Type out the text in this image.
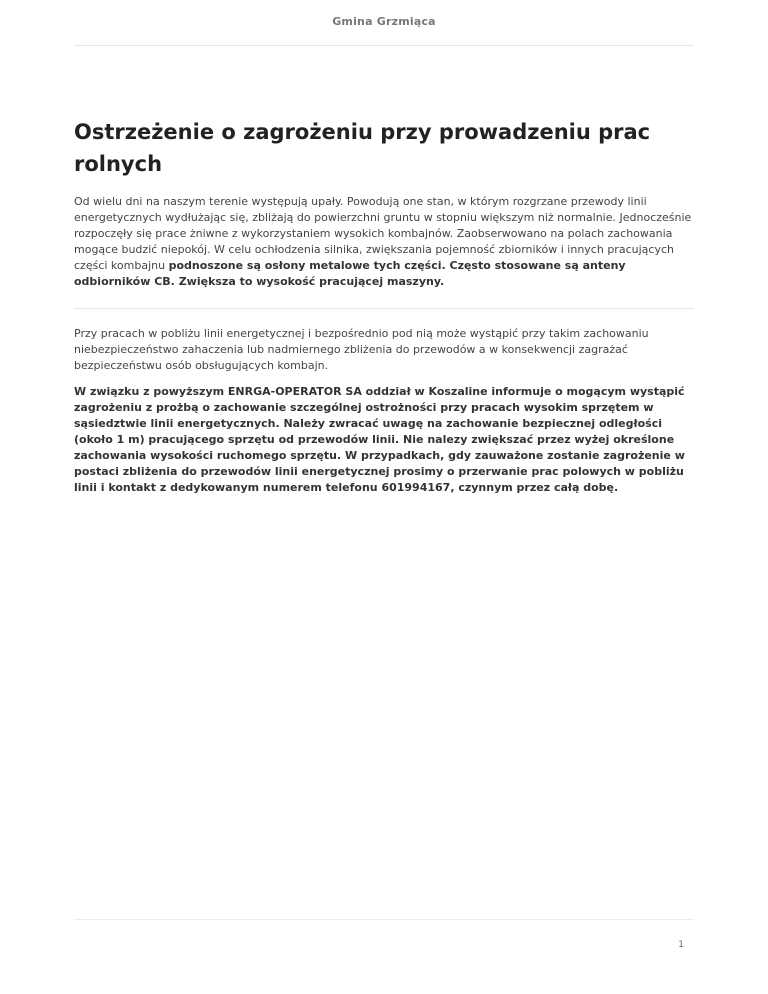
Gmina Grzmiąca
Ostrzeżenie o zagrożeniu przy prowadzeniu prac rolnych

Od wielu dni na naszym terenie występują upały. Powodują one stan, w którym rozgrzane przewody linii energetycznych wydłużając się, zbliżają do powierzchni gruntu w stopniu większym niż normalnie. Jednocześnie rozpoczęły się prace żniwne z wykorzystaniem wysokich kombajnów. Zaobserwowano na polach zachowania mogące budzić niepokój. W celu ochłodzenia silnika, zwiększania pojemność zbiorników i innych pracujących części kombajnu podnoszone są osłony metalowe tych części. Często stosowane są anteny odbiorników CB. Zwiększa to wysokość pracującej maszyny.

Przy pracach w pobliżu linii energetycznej i bezpośrednio pod nią może wystąpić przy takim zachowaniu niebezpieczeństwo zahaczenia lub nadmiernego zbliżenia do przewodów a w konsekwencji zagrażać bezpieczeństwu osób obsługujących kombajn.

W związku z powyższym ENRGA-OPERATOR SA oddział w Koszaline informuje o mogącym wystąpić zagrożeniu z prożbą o zachowanie szczególnej ostrożności przy pracach wysokim sprzętem w sąsiedztwie linii energetycznych. Należy zwracać uwagę na zachowanie bezpiecznej odległości (około 1 m) pracującego sprzętu od przewodów linii. Nie nalezy zwiększać przez wyżej określone zachowania wysokości ruchomego sprzętu. W przypadkach, gdy zauważone zostanie zagrożenie w postaci zbliżenia do przewodów linii energetycznej prosimy o przerwanie prac polowych w pobliżu linii i kontakt z dedykowanym numerem telefonu 601994167, czynnym przez całą dobę.

1
